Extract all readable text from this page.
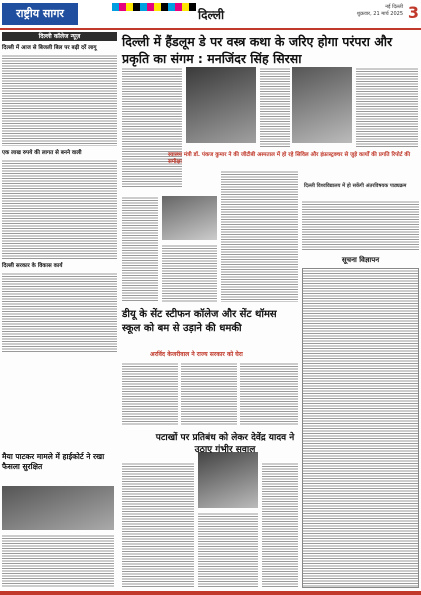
राष्ट्रीय सागर	दिल्ली
नई दिल्ली
शुक्रवार, 21 मार्च 2025 3
दिल्ली में हैंडलूम डे पर वस्त्र कथा के जरिए होगा परंपरा और प्रकृति का संगम : मनजिंदर सिंह सिरसा
स्वास्थ्य मंत्री डॉ. पंकज कुमार ने की जीटीबी अस्पताल में हो रहे सिविल और इंफ्रास्ट्रक्चर से जुड़े कार्यों की प्रगति रिपोर्ट की समीक्षा
डीयू के सेंट स्टीफन कॉलेज और सेंट थॉमस स्कूल को बम से उड़ाने की धमकी
अरविंद केजरीवाल ने राज्य सरकार को घेरा
पटाखों पर प्रतिबंध को लेकर देवेंद्र यादव ने उठाए गंभीर सवाल
दिल्ली कॉलेज न्यूज़
दिल्ली में आज से बिजली बिल पर बढ़ी दरें लागू
एक लाख रुपये की लागत से बनने वाली
दिल्ली सरकार के विकास कार्य
मैया पाटकर मामले में हाईकोर्ट ने रखा फैसला सुरक्षित
दिल्ली विश्वविद्यालय में हो सकेंगी अंतरविषयक पाठ्यक्रम
सूचना विज्ञापन
